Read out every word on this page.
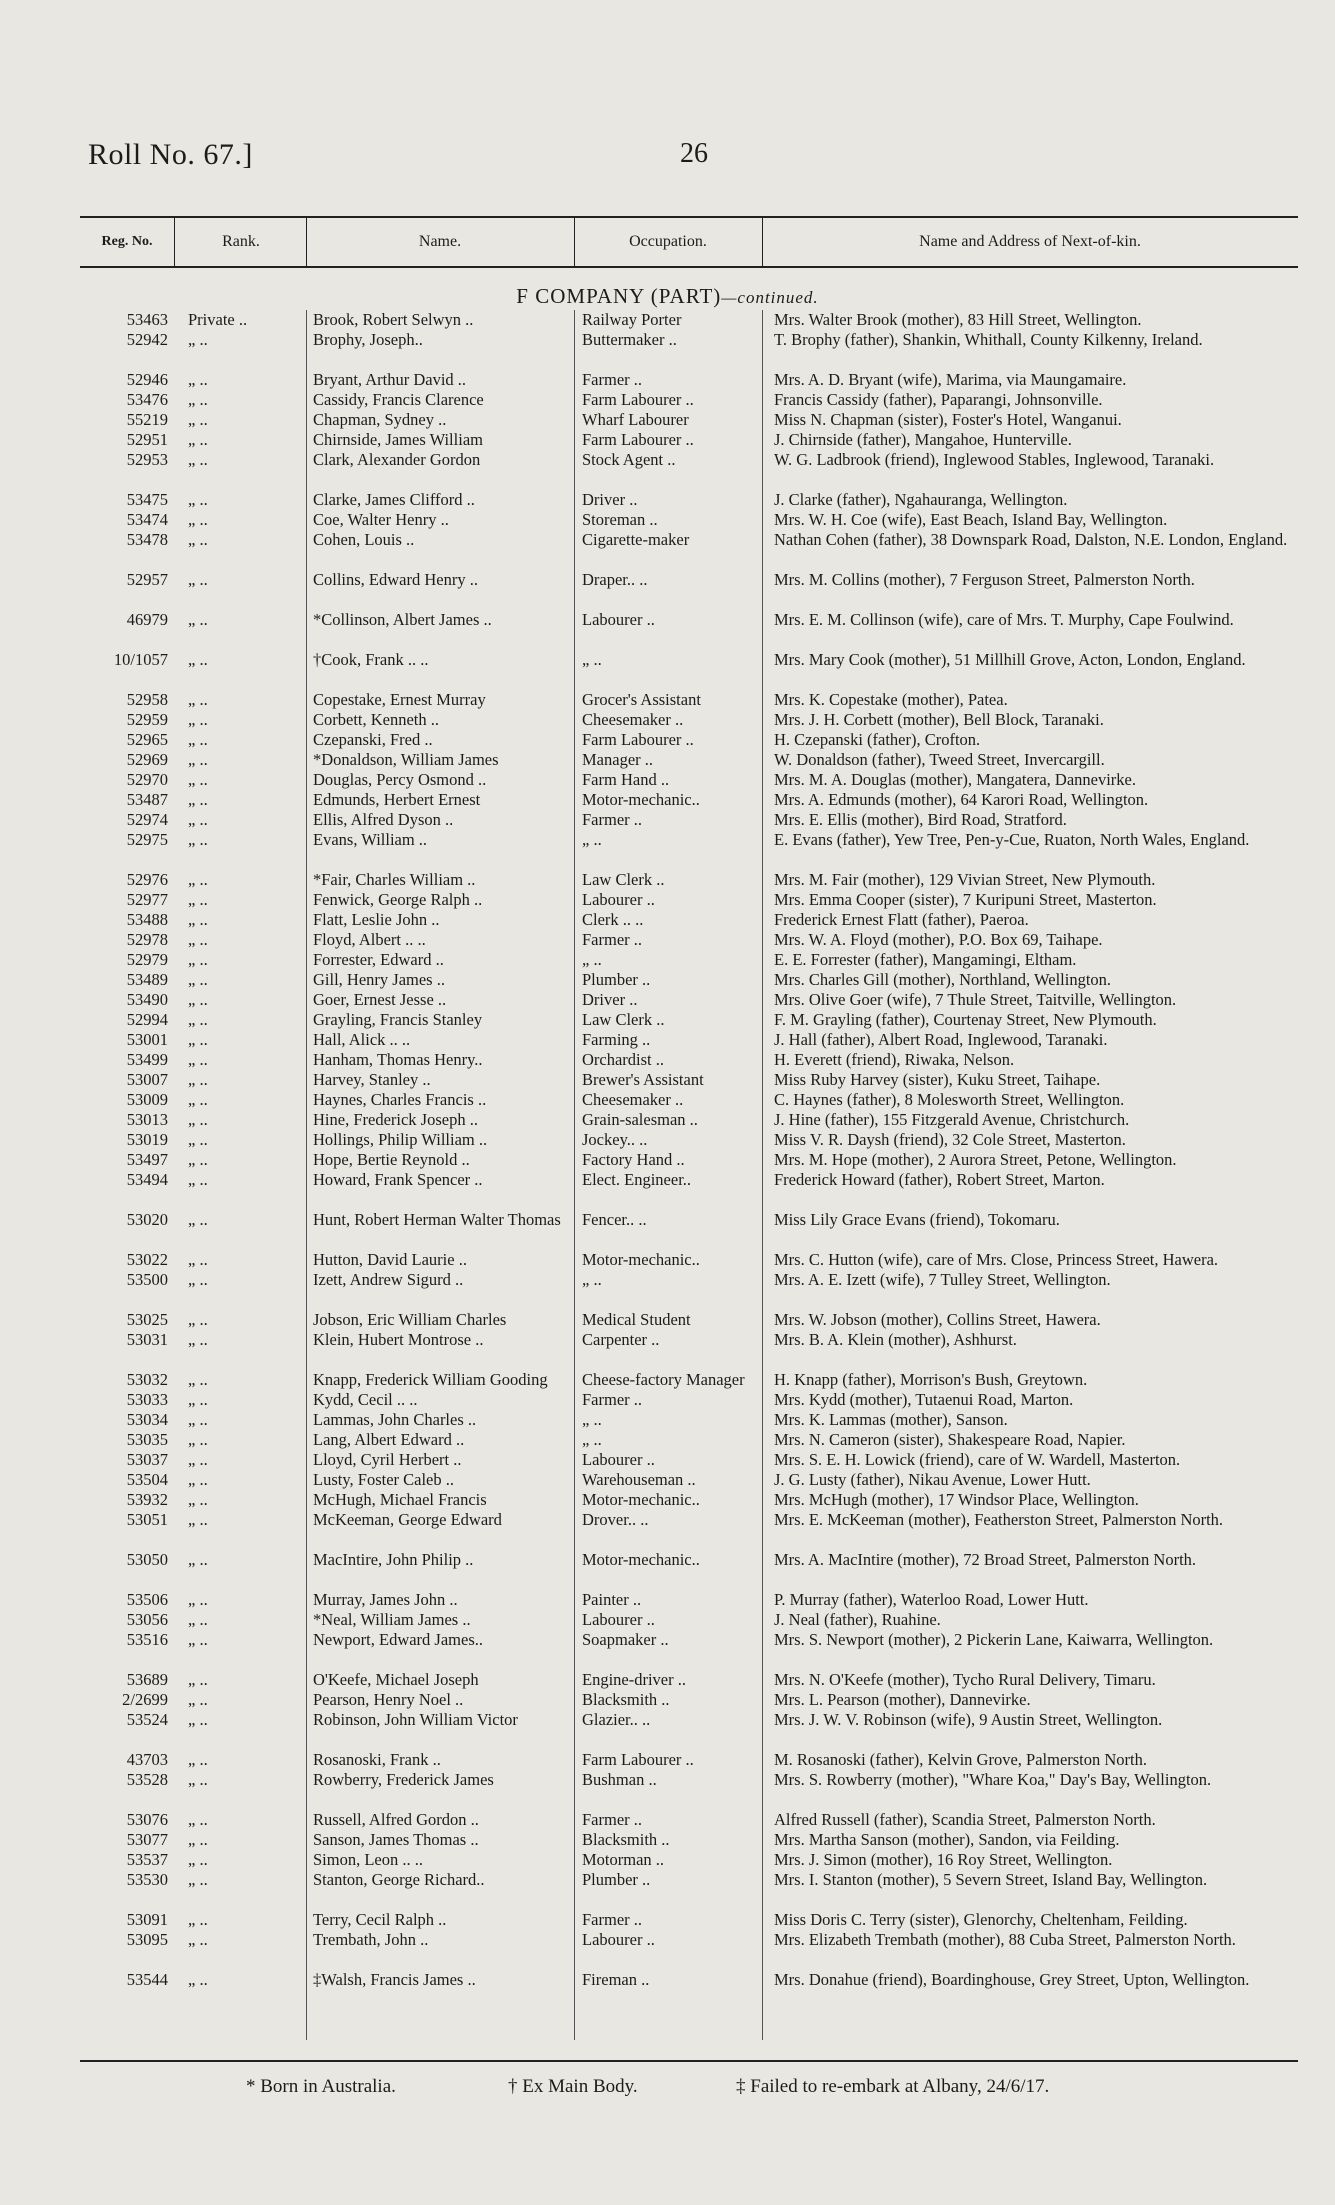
Roll No. 67.]	26
Reg. No.	Rank.	Name.	Occupation.	Name and Address of Next-of-kin.
F COMPANY (PART)—continued.
53463 Private ..	Brook, Robert Selwyn ..	Railway Porter	Mrs. Walter Brook (mother), 83 Hill Street, Wellington.
52942 „ ..	Brophy, Joseph..	Buttermaker ..	T. Brophy (father), Shankin, Whithall, County Kilkenny, Ireland.
52946 „ ..	Bryant, Arthur David ..	Farmer ..	Mrs. A. D. Bryant (wife), Marima, via Maungamaire.
53476 „ ..	Cassidy, Francis Clarence	Farm Labourer ..	Francis Cassidy (father), Paparangi, Johnsonville.
55219 „ ..	Chapman, Sydney ..	Wharf Labourer	Miss N. Chapman (sister), Foster's Hotel, Wanganui.
52951 „ ..	Chirnside, James William	Farm Labourer ..	J. Chirnside (father), Mangahoe, Hunterville.
52953 „ ..	Clark, Alexander Gordon	Stock Agent ..	W. G. Ladbrook (friend), Inglewood Stables, Inglewood, Taranaki.
53475 „ ..	Clarke, James Clifford ..	Driver ..	J. Clarke (father), Ngahauranga, Wellington.
53474 „ ..	Coe, Walter Henry ..	Storeman ..	Mrs. W. H. Coe (wife), East Beach, Island Bay, Wellington.
53478 „ ..	Cohen, Louis ..	Cigarette-maker	Nathan Cohen (father), 38 Downspark Road, Dalston, N.E. London, England.
52957 „ ..	Collins, Edward Henry ..	Draper.. ..	Mrs. M. Collins (mother), 7 Ferguson Street, Palmerston North.
46979 „ ..	*Collinson, Albert James ..	Labourer ..	Mrs. E. M. Collinson (wife), care of Mrs. T. Murphy, Cape Foulwind.
10/1057 „ ..	†Cook, Frank .. ..	„ ..	Mrs. Mary Cook (mother), 51 Millhill Grove, Acton, London, England.
52958 „ ..	Copestake, Ernest Murray	Grocer's Assistant	Mrs. K. Copestake (mother), Patea.
52959 „ ..	Corbett, Kenneth ..	Cheesemaker ..	Mrs. J. H. Corbett (mother), Bell Block, Taranaki.
52965 „ ..	Czepanski, Fred ..	Farm Labourer ..	H. Czepanski (father), Crofton.
52969 „ ..	*Donaldson, William James	Manager ..	W. Donaldson (father), Tweed Street, Invercargill.
52970 „ ..	Douglas, Percy Osmond ..	Farm Hand ..	Mrs. M. A. Douglas (mother), Mangatera, Dannevirke.
53487 „ ..	Edmunds, Herbert Ernest	Motor-mechanic..	Mrs. A. Edmunds (mother), 64 Karori Road, Wellington.
52974 „ ..	Ellis, Alfred Dyson ..	Farmer ..	Mrs. E. Ellis (mother), Bird Road, Stratford.
52975 „ ..	Evans, William ..	„ ..	E. Evans (father), Yew Tree, Pen-y-Cue, Ruaton, North Wales, England.
52976 „ ..	*Fair, Charles William ..	Law Clerk ..	Mrs. M. Fair (mother), 129 Vivian Street, New Plymouth.
52977 „ ..	Fenwick, George Ralph ..	Labourer ..	Mrs. Emma Cooper (sister), 7 Kuripuni Street, Masterton.
53488 „ ..	Flatt, Leslie John ..	Clerk .. ..	Frederick Ernest Flatt (father), Paeroa.
52978 „ ..	Floyd, Albert .. ..	Farmer ..	Mrs. W. A. Floyd (mother), P.O. Box 69, Taihape.
52979 „ ..	Forrester, Edward ..	„ ..	E. E. Forrester (father), Mangamingi, Eltham.
53489 „ ..	Gill, Henry James ..	Plumber ..	Mrs. Charles Gill (mother), Northland, Wellington.
53490 „ ..	Goer, Ernest Jesse ..	Driver ..	Mrs. Olive Goer (wife), 7 Thule Street, Taitville, Wellington.
52994 „ ..	Grayling, Francis Stanley	Law Clerk ..	F. M. Grayling (father), Courtenay Street, New Plymouth.
53001 „ ..	Hall, Alick .. ..	Farming ..	J. Hall (father), Albert Road, Inglewood, Taranaki.
53499 „ ..	Hanham, Thomas Henry..	Orchardist ..	H. Everett (friend), Riwaka, Nelson.
53007 „ ..	Harvey, Stanley ..	Brewer's Assistant	Miss Ruby Harvey (sister), Kuku Street, Taihape.
53009 „ ..	Haynes, Charles Francis ..	Cheesemaker ..	C. Haynes (father), 8 Molesworth Street, Wellington.
53013 „ ..	Hine, Frederick Joseph ..	Grain-salesman ..	J. Hine (father), 155 Fitzgerald Avenue, Christchurch.
53019 „ ..	Hollings, Philip William ..	Jockey.. ..	Miss V. R. Daysh (friend), 32 Cole Street, Masterton.
53497 „ ..	Hope, Bertie Reynold ..	Factory Hand ..	Mrs. M. Hope (mother), 2 Aurora Street, Petone, Wellington.
53494 „ ..	Howard, Frank Spencer ..	Elect. Engineer..	Frederick Howard (father), Robert Street, Marton.
53020 „ ..	Hunt, Robert Herman Walter Thomas	Fencer.. ..	Miss Lily Grace Evans (friend), Tokomaru.
53022 „ ..	Hutton, David Laurie ..	Motor-mechanic..	Mrs. C. Hutton (wife), care of Mrs. Close, Princess Street, Hawera.
53500 „ ..	Izett, Andrew Sigurd ..	„ ..	Mrs. A. E. Izett (wife), 7 Tulley Street, Wellington.
53025 „ ..	Jobson, Eric William Charles	Medical Student	Mrs. W. Jobson (mother), Collins Street, Hawera.
53031 „ ..	Klein, Hubert Montrose ..	Carpenter ..	Mrs. B. A. Klein (mother), Ashhurst.
53032 „ ..	Knapp, Frederick William Gooding	Cheese-factory Manager	H. Knapp (father), Morrison's Bush, Greytown.
53033 „ ..	Kydd, Cecil .. ..	Farmer ..	Mrs. Kydd (mother), Tutaenui Road, Marton.
53034 „ ..	Lammas, John Charles ..	„ ..	Mrs. K. Lammas (mother), Sanson.
53035 „ ..	Lang, Albert Edward ..	„ ..	Mrs. N. Cameron (sister), Shakespeare Road, Napier.
53037 „ ..	Lloyd, Cyril Herbert ..	Labourer ..	Mrs. S. E. H. Lowick (friend), care of W. Wardell, Masterton.
53504 „ ..	Lusty, Foster Caleb ..	Warehouseman ..	J. G. Lusty (father), Nikau Avenue, Lower Hutt.
53932 „ ..	McHugh, Michael Francis	Motor-mechanic..	Mrs. McHugh (mother), 17 Windsor Place, Wellington.
53051 „ ..	McKeeman, George Edward	Drover.. ..	Mrs. E. McKeeman (mother), Featherston Street, Palmerston North.
53050 „ ..	MacIntire, John Philip ..	Motor-mechanic..	Mrs. A. MacIntire (mother), 72 Broad Street, Palmerston North.
53506 „ ..	Murray, James John ..	Painter ..	P. Murray (father), Waterloo Road, Lower Hutt.
53056 „ ..	*Neal, William James ..	Labourer ..	J. Neal (father), Ruahine.
53516 „ ..	Newport, Edward James..	Soapmaker ..	Mrs. S. Newport (mother), 2 Pickerin Lane, Kaiwarra, Wellington.
53689 „ ..	O'Keefe, Michael Joseph	Engine-driver ..	Mrs. N. O'Keefe (mother), Tycho Rural Delivery, Timaru.
2/2699 „ ..	Pearson, Henry Noel ..	Blacksmith ..	Mrs. L. Pearson (mother), Dannevirke.
53524 „ ..	Robinson, John William Victor	Glazier.. ..	Mrs. J. W. V. Robinson (wife), 9 Austin Street, Wellington.
43703 „ ..	Rosanoski, Frank ..	Farm Labourer ..	M. Rosanoski (father), Kelvin Grove, Palmerston North.
53528 „ ..	Rowberry, Frederick James	Bushman ..	Mrs. S. Rowberry (mother), "Whare Koa," Day's Bay, Wellington.
53076 „ ..	Russell, Alfred Gordon ..	Farmer ..	Alfred Russell (father), Scandia Street, Palmerston North.
53077 „ ..	Sanson, James Thomas ..	Blacksmith ..	Mrs. Martha Sanson (mother), Sandon, via Feilding.
53537 „ ..	Simon, Leon .. ..	Motorman ..	Mrs. J. Simon (mother), 16 Roy Street, Wellington.
53530 „ ..	Stanton, George Richard..	Plumber ..	Mrs. I. Stanton (mother), 5 Severn Street, Island Bay, Wellington.
53091 „ ..	Terry, Cecil Ralph ..	Farmer ..	Miss Doris C. Terry (sister), Glenorchy, Cheltenham, Feilding.
53095 „ ..	Trembath, John ..	Labourer ..	Mrs. Elizabeth Trembath (mother), 88 Cuba Street, Palmerston North.
53544 „ ..	‡Walsh, Francis James ..	Fireman ..	Mrs. Donahue (friend), Boardinghouse, Grey Street, Upton, Wellington.
* Born in Australia.	† Ex Main Body.	‡ Failed to re-embark at Albany, 24/6/17.
